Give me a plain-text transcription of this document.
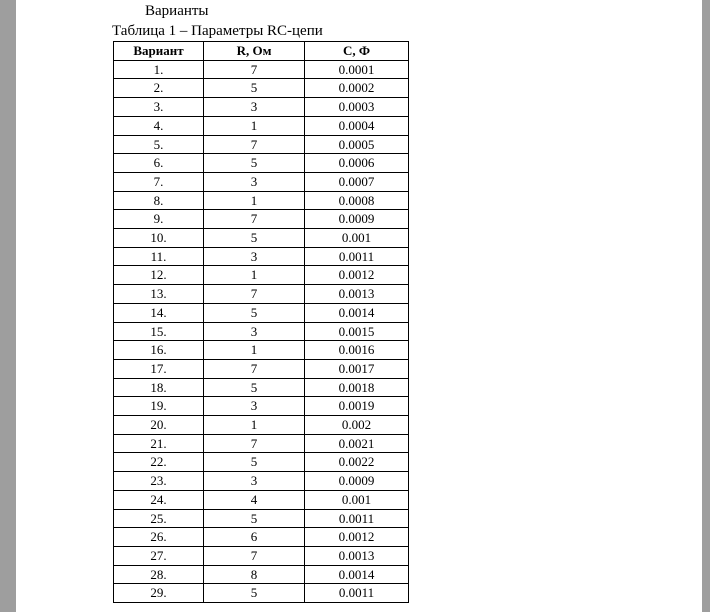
Варианты
Таблица 1 – Параметры RC-цепи
Вариант	R, Ом	С, Ф
1.	7	0.0001
2.	5	0.0002
3.	3	0.0003
4.	1	0.0004
5.	7	0.0005
6.	5	0.0006
7.	3	0.0007
8.	1	0.0008
9.	7	0.0009
10.	5	0.001
11.	3	0.0011
12.	1	0.0012
13.	7	0.0013
14.	5	0.0014
15.	3	0.0015
16.	1	0.0016
17.	7	0.0017
18.	5	0.0018
19.	3	0.0019
20.	1	0.002
21.	7	0.0021
22.	5	0.0022
23.	3	0.0009
24.	4	0.001
25.	5	0.0011
26.	6	0.0012
27.	7	0.0013
28.	8	0.0014
29.	5	0.0011
